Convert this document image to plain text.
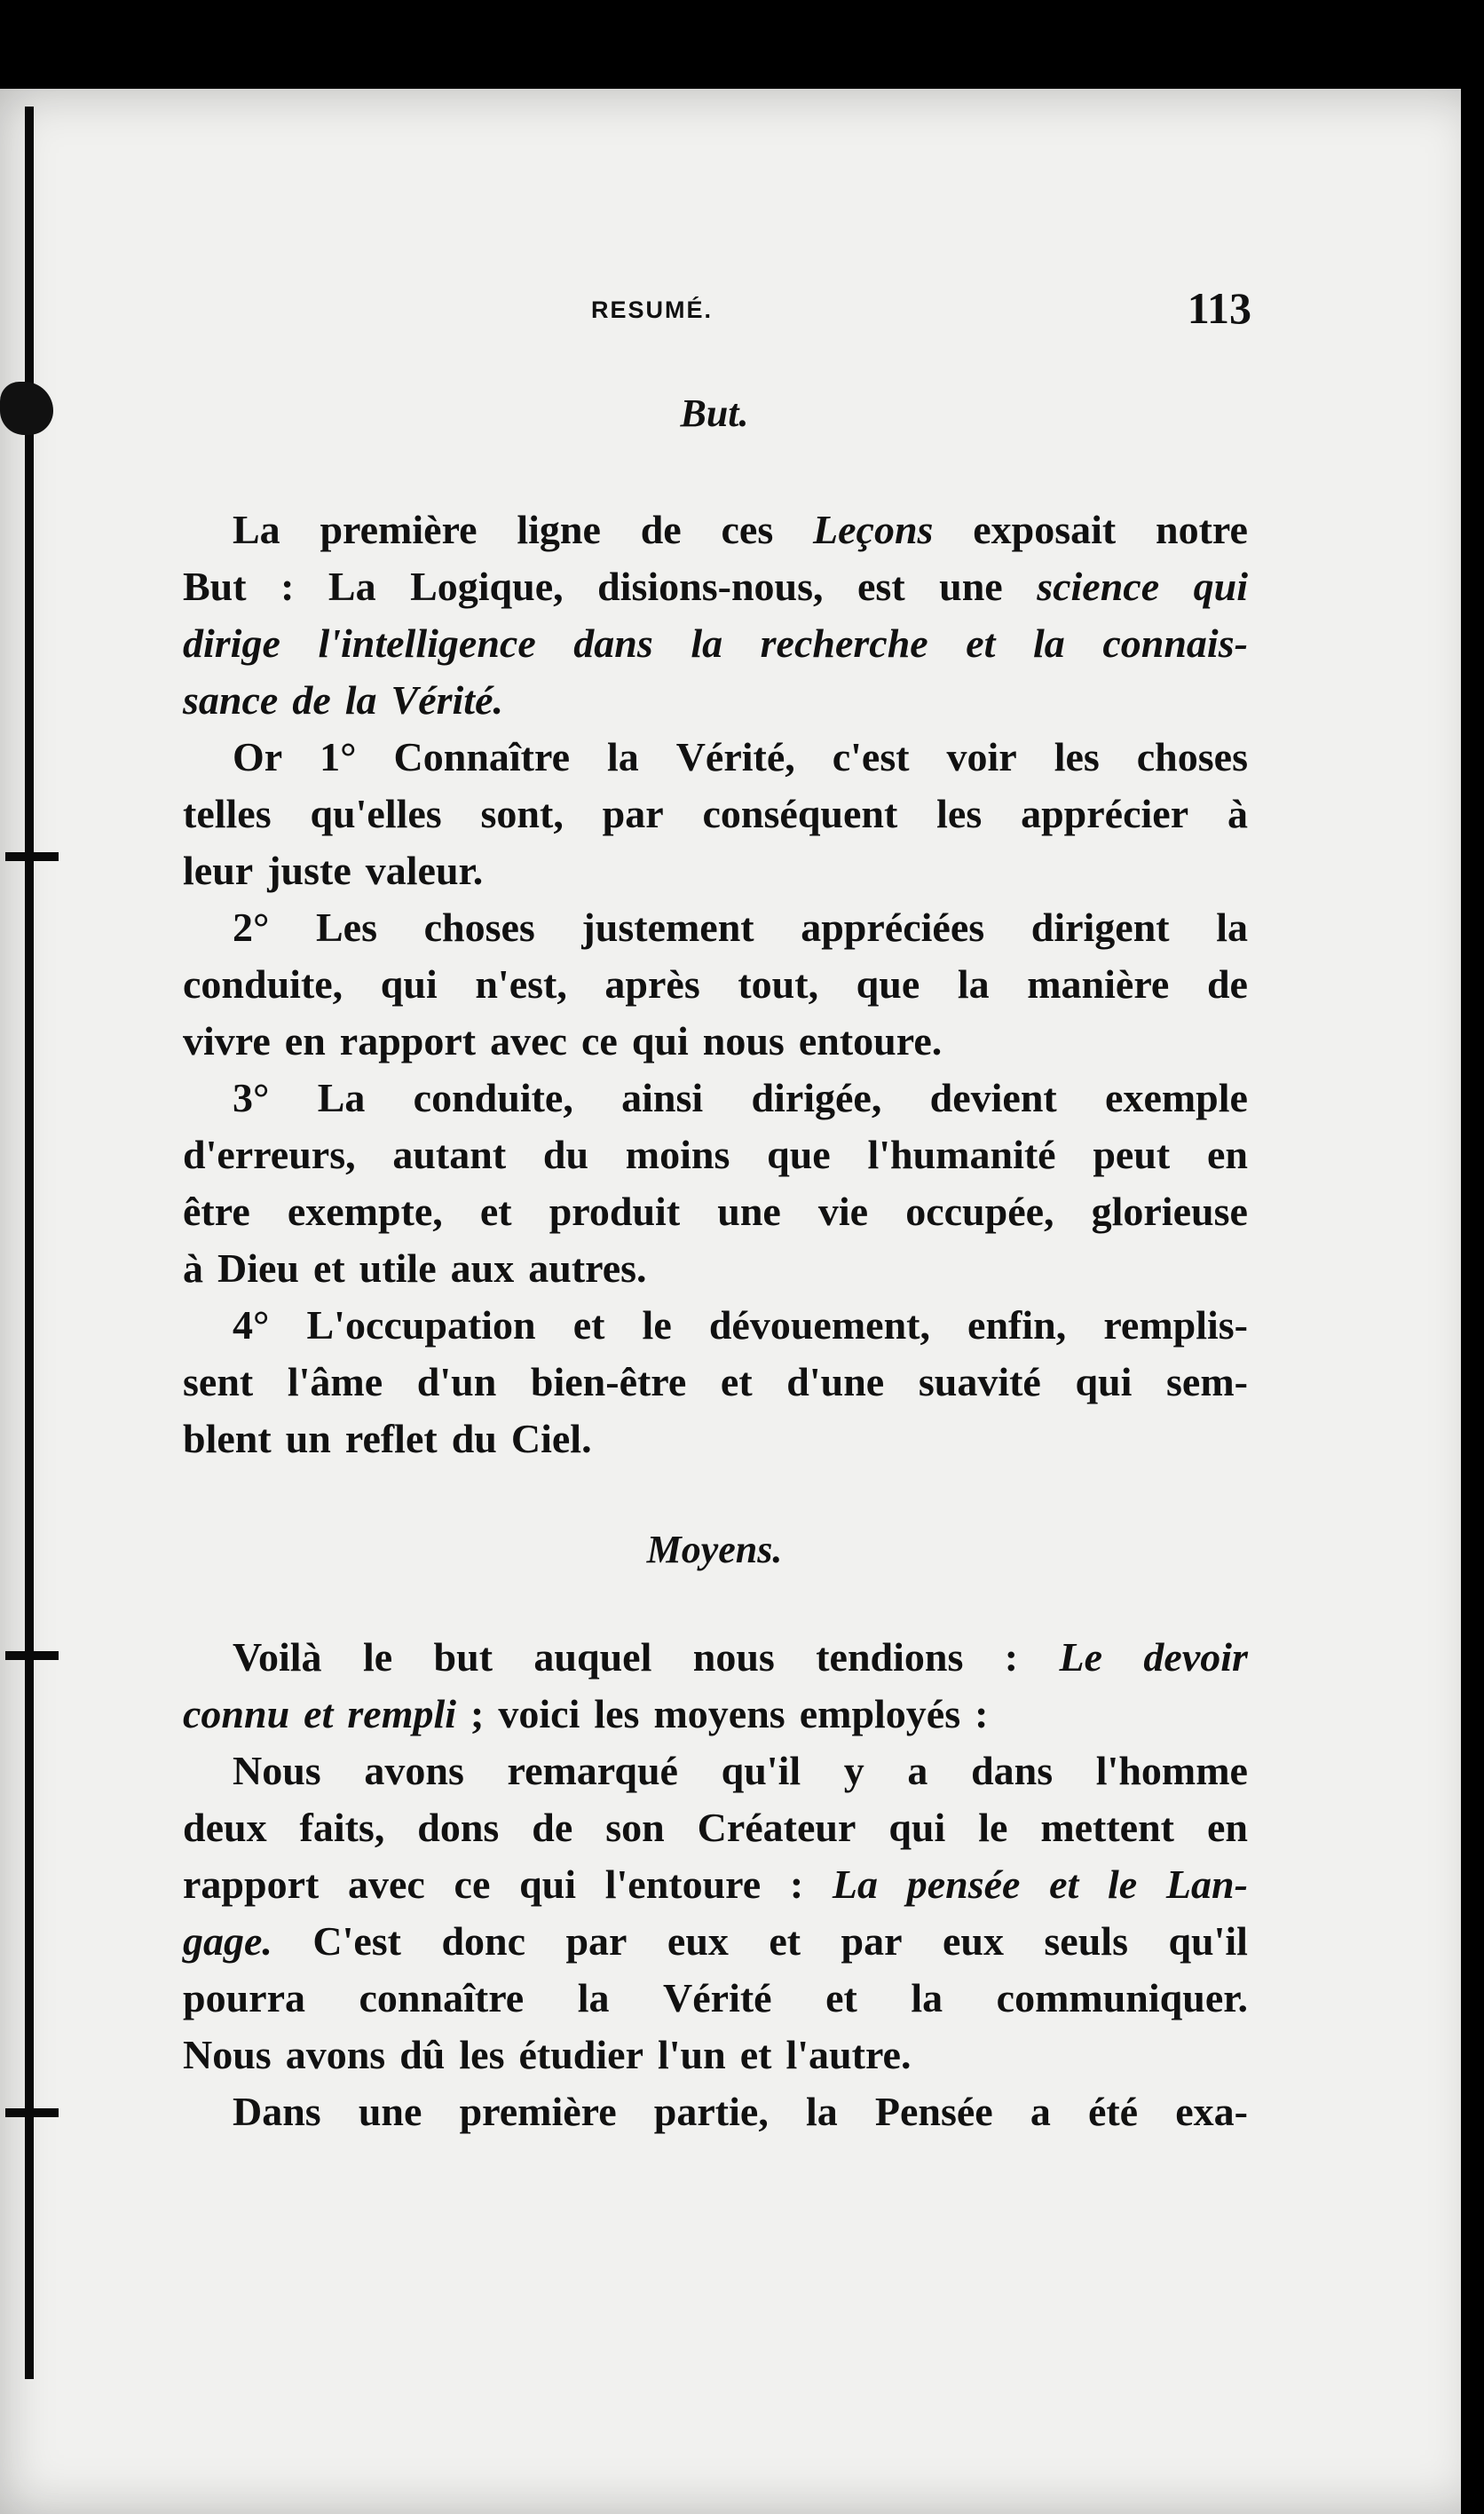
RESUMÉ.	113
But.
La première ligne de ces Leçons exposait notre
But : La Logique, disions-nous, est une science qui
dirige l'intelligence dans la recherche et la connais-
sance de la Vérité.
Or 1° Connaître la Vérité, c'est voir les choses
telles qu'elles sont, par conséquent les apprécier à
leur juste valeur.
2° Les choses justement appréciées dirigent la
conduite, qui n'est, après tout, que la manière de
vivre en rapport avec ce qui nous entoure.
3° La conduite, ainsi dirigée, devient exemple
d'erreurs, autant du moins que l'humanité peut en
être exempte, et produit une vie occupée, glorieuse
à Dieu et utile aux autres.
4° L'occupation et le dévouement, enfin, remplis-
sent l'âme d'un bien-être et d'une suavité qui sem-
blent un reflet du Ciel.
Moyens.
Voilà le but auquel nous tendions : Le devoir
connu et rempli ; voici les moyens employés :
Nous avons remarqué qu'il y a dans l'homme
deux faits, dons de son Créateur qui le mettent en
rapport avec ce qui l'entoure : La pensée et le Lan-
gage. C'est donc par eux et par eux seuls qu'il
pourra connaître la Vérité et la communiquer.
Nous avons dû les étudier l'un et l'autre.
Dans une première partie, la Pensée a été exa-
